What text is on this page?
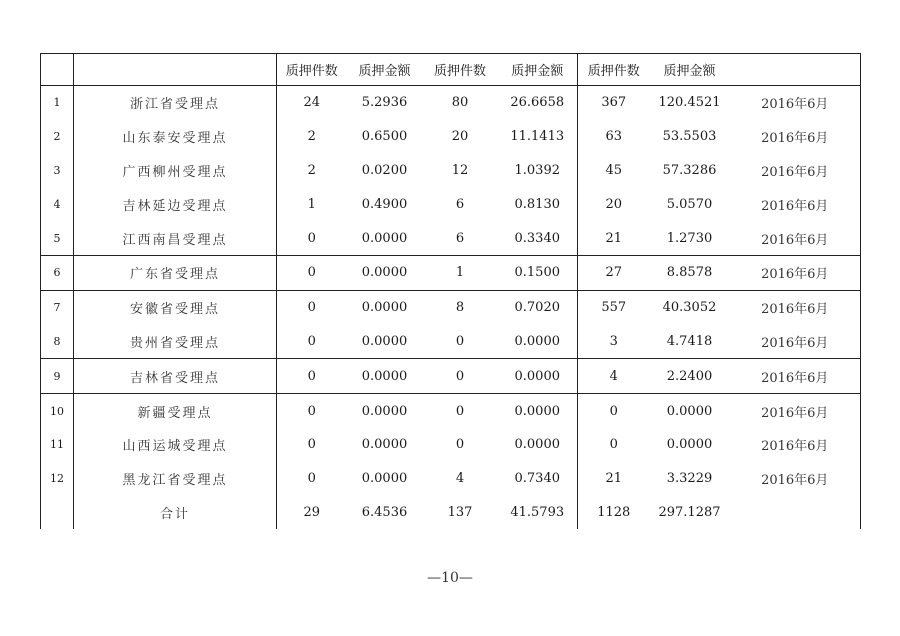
		质押件数	质押金额	质押件数	质押金额	质押件数	质押金额	
1	浙江省受理点	24	5.2936	80	26.6658	367	120.4521	2016年6月
2	山东泰安受理点	2	0.6500	20	11.1413	63	53.5503	2016年6月
3	广西柳州受理点	2	0.0200	12	1.0392	45	57.3286	2016年6月
4	吉林延边受理点	1	0.4900	6	0.8130	20	5.0570	2016年6月
5	江西南昌受理点	0	0.0000	6	0.3340	21	1.2730	2016年6月
6	广东省受理点	0	0.0000	1	0.1500	27	8.8578	2016年6月
7	安徽省受理点	0	0.0000	8	0.7020	557	40.3052	2016年6月
8	贵州省受理点	0	0.0000	0	0.0000	3	4.7418	2016年6月
9	吉林省受理点	0	0.0000	0	0.0000	4	2.2400	2016年6月
10	新疆受理点	0	0.0000	0	0.0000	0	0.0000	2016年6月
11	山西运城受理点	0	0.0000	0	0.0000	0	0.0000	2016年6月
12	黑龙江省受理点	0	0.0000	4	0.7340	21	3.3229	2016年6月
	合计	29	6.4536	137	41.5793	1128	297.1287	
—10—
